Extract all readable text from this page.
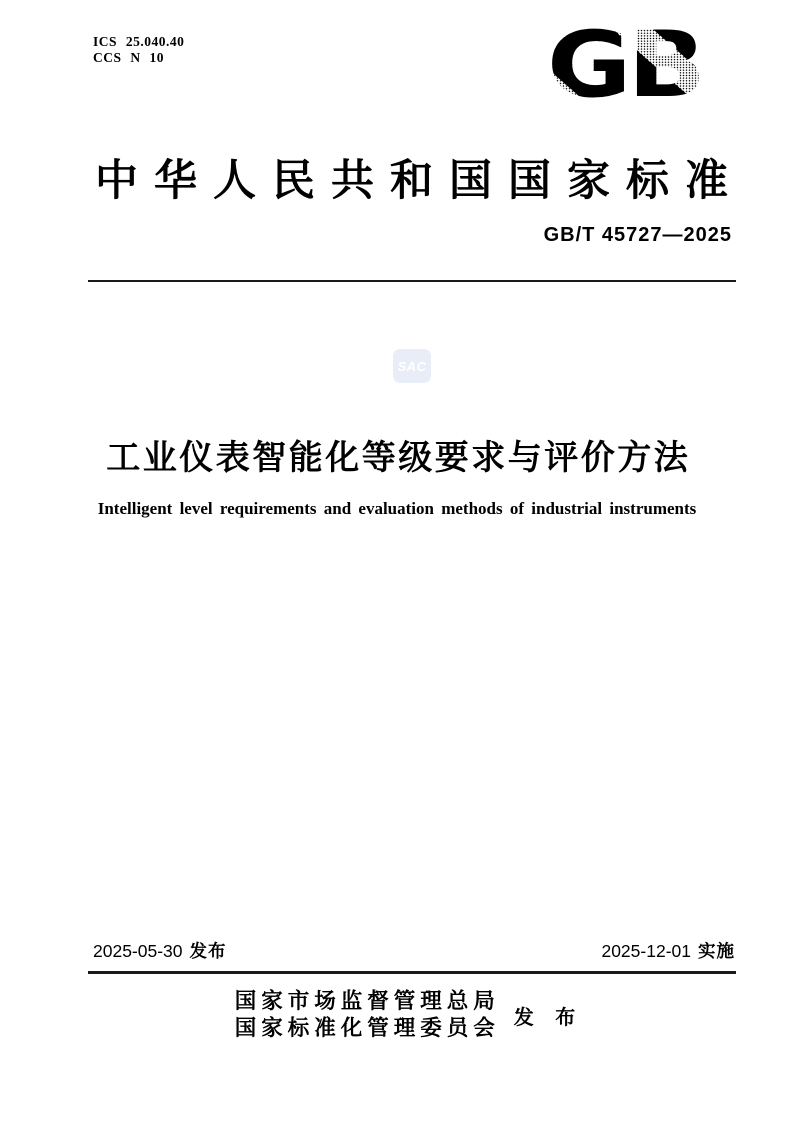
ICS 25.040.40
CCS N 10	GB
中华人民共和国国家标准
GB/T 45727—2025
SAC
工业仪表智能化等级要求与评价方法
Intelligent level requirements and evaluation methods of industrial instruments
2025-05-30 发布	2025-12-01 实施
国家市场监督管理总局
国家标准化管理委员会 发 布
